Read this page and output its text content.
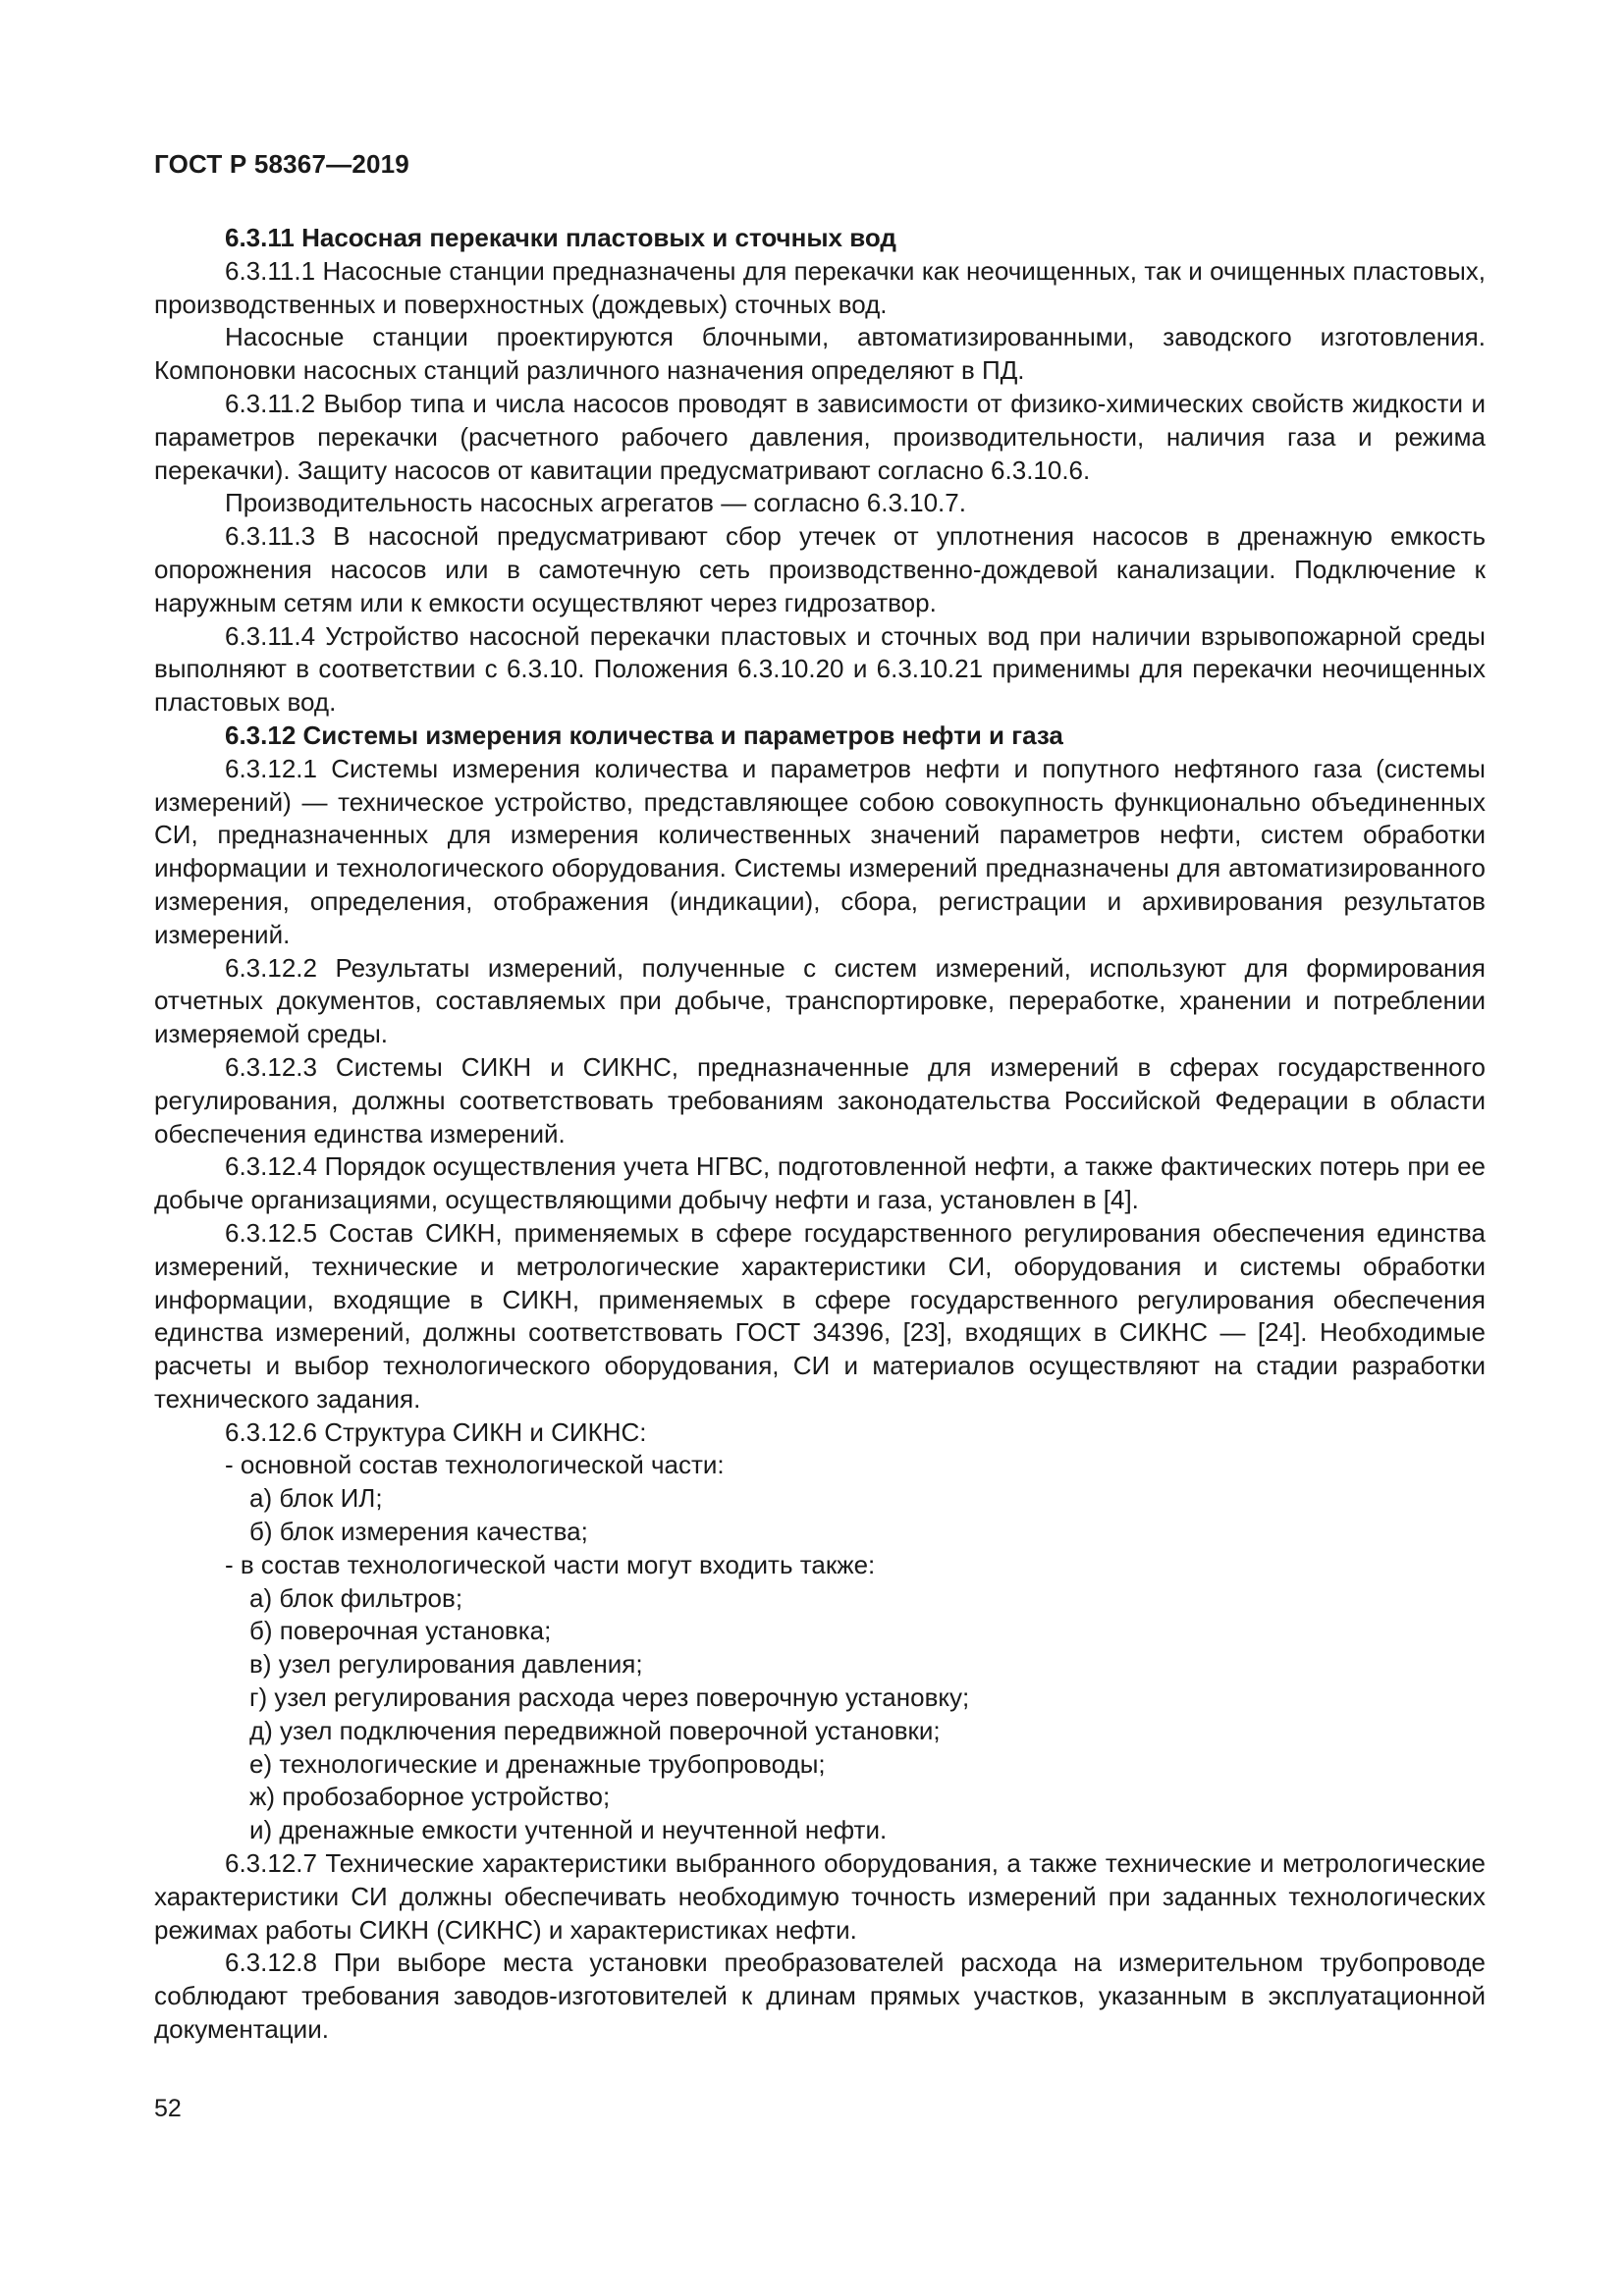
ГОСТ Р 58367—2019

6.3.11 Насосная перекачки пластовых и сточных вод

6.3.11.1 Насосные станции предназначены для перекачки как неочищенных, так и очищенных пластовых, производственных и поверхностных (дождевых) сточных вод.

Насосные станции проектируются блочными, автоматизированными, заводского изготовления. Компоновки насосных станций различного назначения определяют в ПД.

6.3.11.2 Выбор типа и числа насосов проводят в зависимости от физико-химических свойств жидкости и параметров перекачки (расчетного рабочего давления, производительности, наличия газа и режима перекачки). Защиту насосов от кавитации предусматривают согласно 6.3.10.6.

Производительность насосных агрегатов — согласно 6.3.10.7.

6.3.11.3 В насосной предусматривают сбор утечек от уплотнения насосов в дренажную емкость опорожнения насосов или в самотечную сеть производственно-дождевой канализации. Подключение к наружным сетям или к емкости осуществляют через гидрозатвор.

6.3.11.4 Устройство насосной перекачки пластовых и сточных вод при наличии взрывопожарной среды выполняют в соответствии с 6.3.10. Положения 6.3.10.20 и 6.3.10.21 применимы для перекачки неочищенных пластовых вод.

6.3.12 Системы измерения количества и параметров нефти и газа

6.3.12.1 Системы измерения количества и параметров нефти и попутного нефтяного газа (системы измерений) — техническое устройство, представляющее собою совокупность функционально объединенных СИ, предназначенных для измерения количественных значений параметров нефти, систем обработки информации и технологического оборудования. Системы измерений предназначены для автоматизированного измерения, определения, отображения (индикации), сбора, регистрации и архивирования результатов измерений.

6.3.12.2 Результаты измерений, полученные с систем измерений, используют для формирования отчетных документов, составляемых при добыче, транспортировке, переработке, хранении и потреблении измеряемой среды.

6.3.12.3 Системы СИКН и СИКНС, предназначенные для измерений в сферах государственного регулирования, должны соответствовать требованиям законодательства Российской Федерации в области обеспечения единства измерений.

6.3.12.4 Порядок осуществления учета НГВС, подготовленной нефти, а также фактических потерь при ее добыче организациями, осуществляющими добычу нефти и газа, установлен в [4].

6.3.12.5 Состав СИКН, применяемых в сфере государственного регулирования обеспечения единства измерений, технические и метрологические характеристики СИ, оборудования и системы обработки информации, входящие в СИКН, применяемых в сфере государственного регулирования обеспечения единства измерений, должны соответствовать ГОСТ 34396, [23], входящих в СИКНС — [24]. Необходимые расчеты и выбор технологического оборудования, СИ и материалов осуществляют на стадии разработки технического задания.

6.3.12.6 Структура СИКН и СИКНС:

- основной состав технологической части:

а) блок ИЛ;

б) блок измерения качества;

- в состав технологической части могут входить также:

а) блок фильтров;

б) поверочная установка;

в) узел регулирования давления;

г) узел регулирования расхода через поверочную установку;

д) узел подключения передвижной поверочной установки;

е) технологические и дренажные трубопроводы;

ж) пробозаборное устройство;

и) дренажные емкости учтенной и неучтенной нефти.

6.3.12.7 Технические характеристики выбранного оборудования, а также технические и метрологические характеристики СИ должны обеспечивать необходимую точность измерений при заданных технологических режимах работы СИКН (СИКНС) и характеристиках нефти.

6.3.12.8 При выборе места установки преобразователей расхода на измерительном трубопроводе соблюдают требования заводов-изготовителей к длинам прямых участков, указанным в эксплуатационной документации.

52
